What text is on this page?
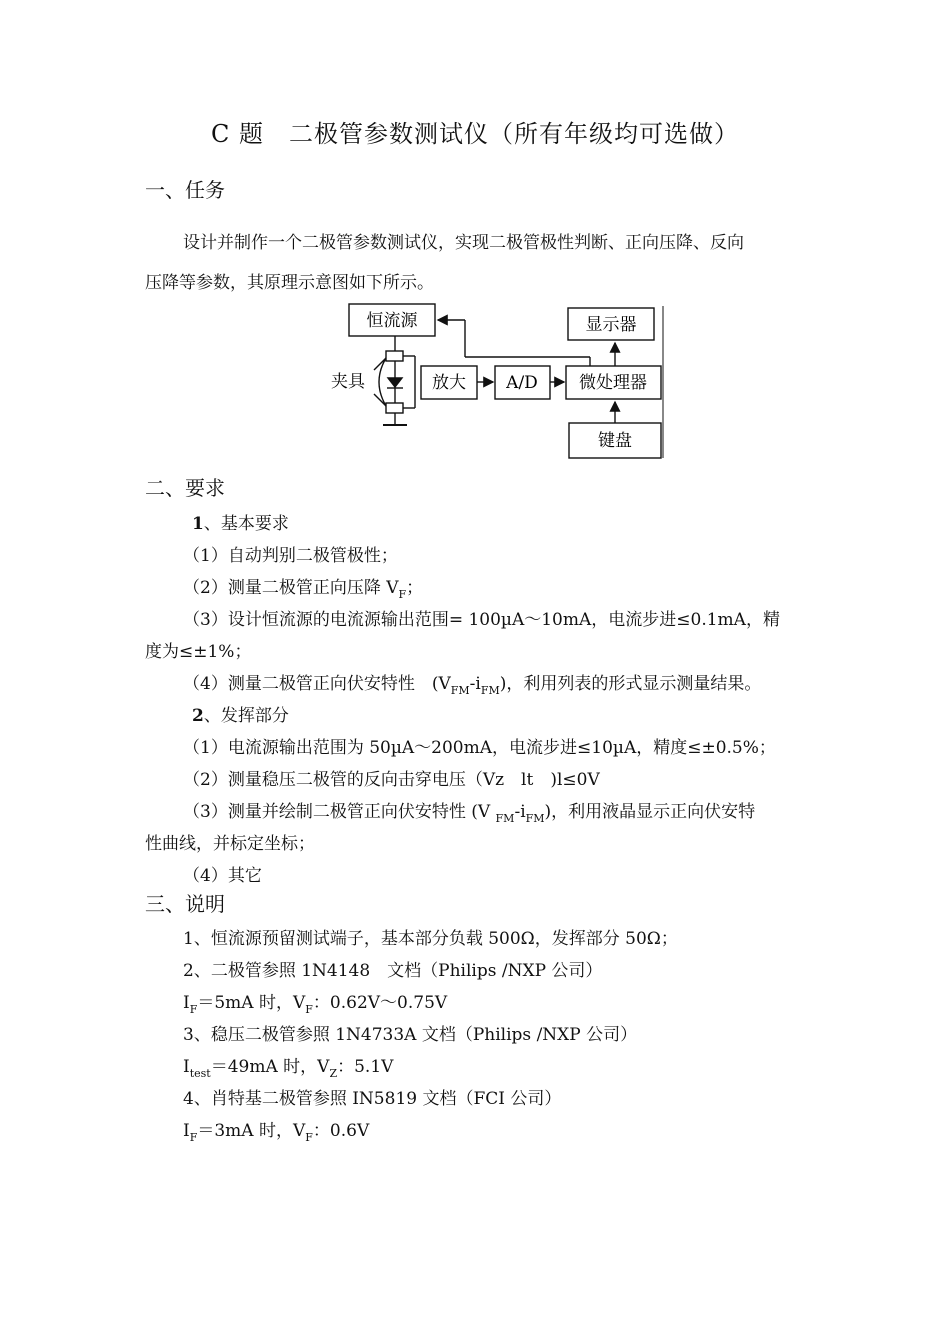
C 题　二极管参数测试仪（所有年级均可选做）
一、任务
设计并制作一个二极管参数测试仪，实现二极管极性判断、正向压降、反向
压降等参数，其原理示意图如下所示。
恒流源	显示器
夹具	放大 A/D 微处理器
键盘
二、要求
1、基本要求
（1）自动判别二极管极性；
（2）测量二极管正向压降 $V_F$；
（3）设计恒流源的电流源输出范围= 100µA～10mA，电流步进≤0.1mA，精
度为≤±1%；
（4）测量二极管正向伏安特性　$(V_{FM}-i_{FM})$，利用列表的形式显示测量结果。
2、发挥部分
（1）电流源输出范围为 50µA～200mA，电流步进≤10µA，精度≤±0.5%；
（2）测量稳压二极管的反向击穿电压（Vz　lt　)l≤0V
（3）测量并绘制二极管正向伏安特性 (V $_{FM}-i_{FM}$)，利用液晶显示正向伏安特
性曲线，并标定坐标；
（4）其它
三、说明
1、恒流源预留测试端子，基本部分负载 500Ω，发挥部分 50Ω；
2、二极管参照 1N4148　文档（Philips /NXP 公司）
$I_F=5mA$ 时，$V_F$：0.62V～0.75V
3、稳压二极管参照 1N4733A 文档（Philips /NXP 公司）
$I_{test}=49mA$ 时，$V_Z$：5.1V
4、肖特基二极管参照 IN5819 文档（FCI 公司）
$I_F=3mA$ 时，$V_F$：0.6V
